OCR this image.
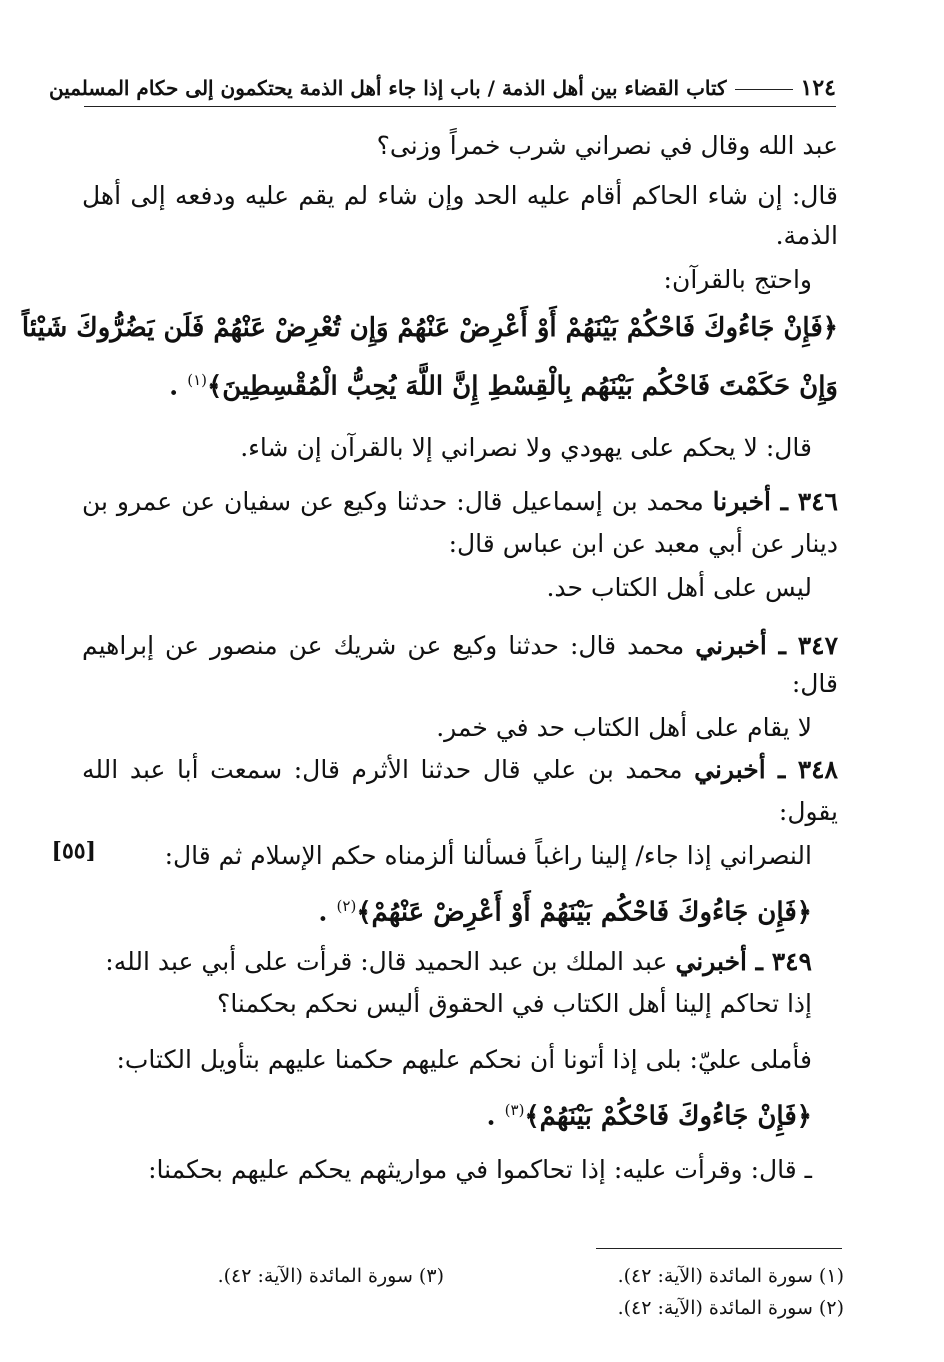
١٢٤كتاب القضاء بين أهل الذمة / باب إذا جاء أهل الذمة يحتكمون إلى حكام المسلمين
عبد الله وقال في نصراني شرب خمراً وزنى؟
قال: إن شاء الحاكم أقام عليه الحد وإن شاء لم يقم عليه ودفعه إلى أهل
الذمة.
واحتج بالقرآن:
﴿فَإِنْ جَاءُوكَ فَاحْكُمْ بَيْنَهُمْ أَوْ أَعْرِضْ عَنْهُمْ وَإِن تُعْرِضْ عَنْهُمْ فَلَن يَضُرُّوكَ شَيْئاً
وَإِنْ حَكَمْتَ فَاحْكُم بَيْنَهُم بِالْقِسْطِ إِنَّ اللَّهَ يُحِبُّ الْمُقْسِطِينَ﴾$^{(١)}$ .
قال: لا يحكم على يهودي ولا نصراني إلا بالقرآن إن شاء.
٣٤٦ ـ أخبرنا محمد بن إسماعيل قال: حدثنا وكيع عن سفيان عن عمرو بن
دينار عن أبي معبد عن ابن عباس قال:
ليس على أهل الكتاب حد.
٣٤٧ ـ أخبرني محمد قال: حدثنا وكيع عن شريك عن منصور عن إبراهيم
قال:
لا يقام على أهل الكتاب حد في خمر.
٣٤٨ ـ أخبرني محمد بن علي قال حدثنا الأثرم قال: سمعت أبا عبد الله
يقول:
[٥٥]	النصراني إذا جاء/ إلينا راغباً فسألنا ألزمناه حكم الإسلام ثم قال:
﴿فَإِن جَاءُوكَ فَاحْكُم بَيْنَهُمْ أَوْ أَعْرِضْ عَنْهُمْ﴾$^{(٢)}$ .
٣٤٩ ـ أخبرني عبد الملك بن عبد الحميد قال: قرأت على أبي عبد الله:
إذا تحاكم إلينا أهل الكتاب في الحقوق أليس نحكم بحكمنا؟
فأملى عليّ: بلى إذا أتونا أن نحكم عليهم حكمنا عليهم بتأويل الكتاب:
﴿فَإِنْ جَاءُوكَ فَاحْكُمْ بَيْنَهُمْ﴾$^{(٣)}$ .
ـ قال: وقرأت عليه: إذا تحاكموا في مواريثهم يحكم عليهم بحكمنا:
(١) سورة المائدة (الآية: ٤٢).
(٣) سورة المائدة (الآية: ٤٢).
(٢) سورة المائدة (الآية: ٤٢).
